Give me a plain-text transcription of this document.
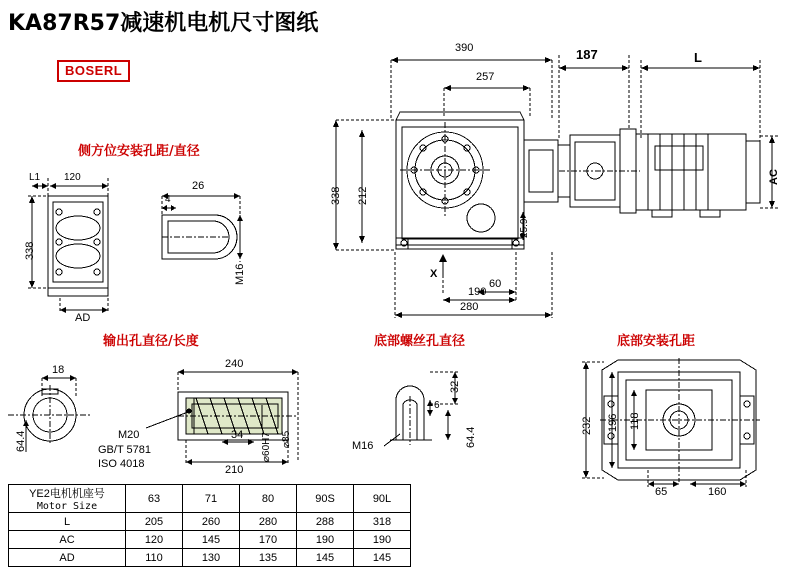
KA87R57减速机电机尺寸图纸
BOSERL
侧方位安装孔距/直径
输出孔直径/长度	底部螺丝孔直径	底部安装孔距
390
257
187	L
338 212
25.9
AC
X
60
190
280
L1 120
26
4
338
M16
AD
18	240
64.4	M20
GB/T 5781
ISO 4018
34
210
⌀60H7 ⌀85
32
6
64.4
M16
232 196 118
65	160
YE2电机机座号
Motor Size	63	71	80	90S	90L
L	205	260	280	288	318
AC	120	145	170	190	190
AD	110	130	135	145	145
